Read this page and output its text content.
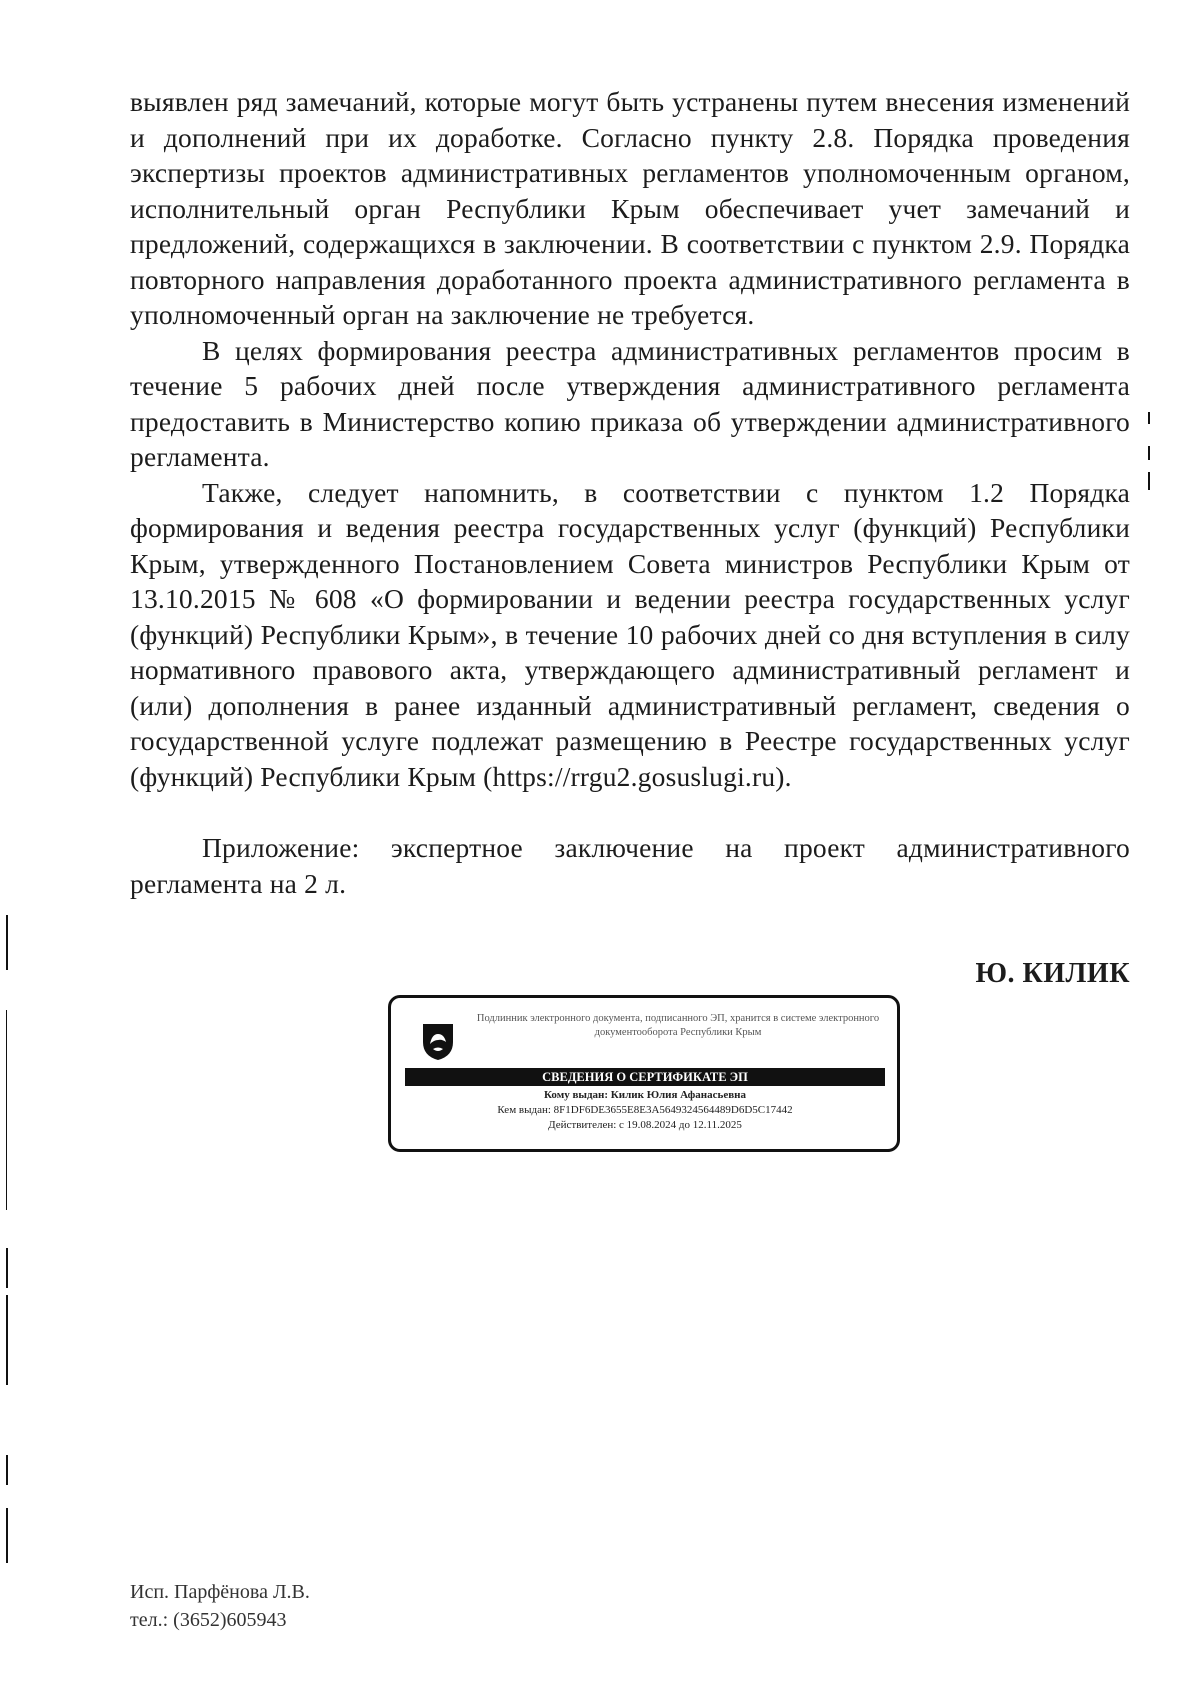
выявлен ряд замечаний, которые могут быть устранены путем внесения изменений и дополнений при их доработке. Согласно пункту 2.8. Порядка проведения экспертизы проектов административных регламентов уполномоченным органом, исполнительный орган Республики Крым обеспечивает учет замечаний и предложений, содержащихся в заключении. В соответствии с пунктом 2.9. Порядка повторного направления доработанного проекта административного регламента в уполномоченный орган на заключение не требуется.

В целях формирования реестра административных регламентов просим в течение 5 рабочих дней после утверждения административного регламента предоставить в Министерство копию приказа об утверждении административного регламента.

Также, следует напомнить, в соответствии с пунктом 1.2 Порядка формирования и ведения реестра государственных услуг (функций) Республики Крым, утвержденного Постановлением Совета министров Республики Крым от 13.10.2015 № 608 «О формировании и ведении реестра государственных услуг (функций) Республики Крым», в течение 10 рабочих дней со дня вступления в силу нормативного правового акта, утверждающего административный регламент и (или) дополнения в ранее изданный административный регламент, сведения о государственной услуге подлежат размещению в Реестре государственных услуг (функций) Республики Крым (https://rrgu2.gosuslugi.ru).

Приложение: экспертное заключение на проект административного регламента на 2 л.

Ю. КИЛИК
Подлинник электронного документа, подписанного ЭП, хранится в системе электронного документооборота Республики Крым
СВЕДЕНИЯ О СЕРТИФИКАТЕ ЭП
Кому выдан: Килик Юлия Афанасьевна
Кем выдан: 8F1DF6DE3655E8E3A5649324564489D6D5C17442
Действителен: с 19.08.2024 до 12.11.2025
Исп. Парфёнова Л.В.
тел.: (3652)605943
